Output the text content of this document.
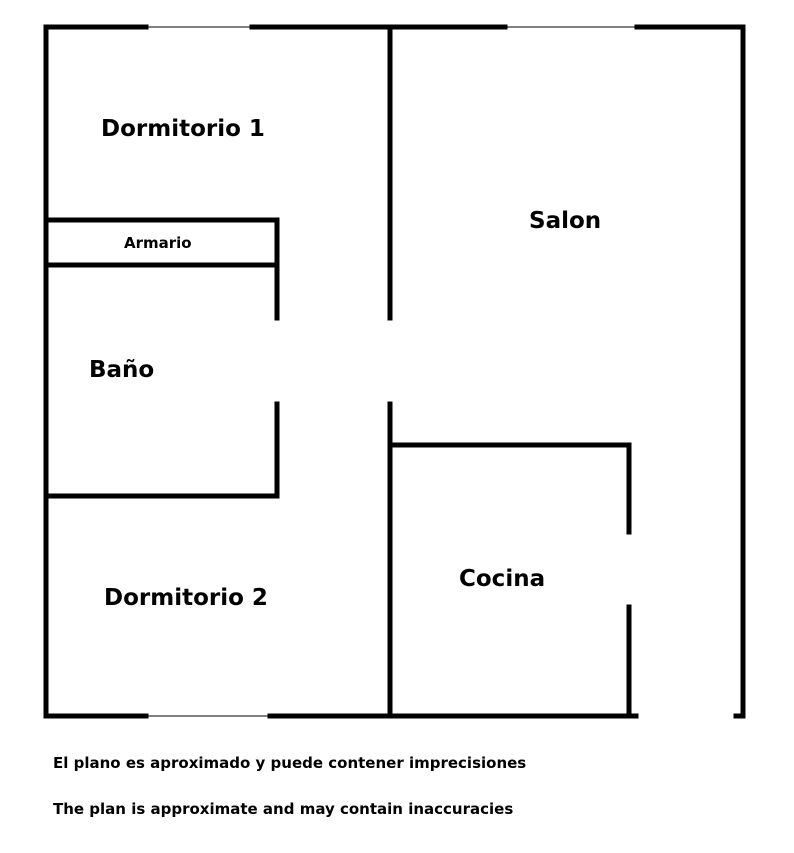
Dormitorio 1
Armario
Baño
Dormitorio 2
Salon
Cocina

El plano es aproximado y puede contener imprecisiones

The plan is approximate and may contain inaccuracies
